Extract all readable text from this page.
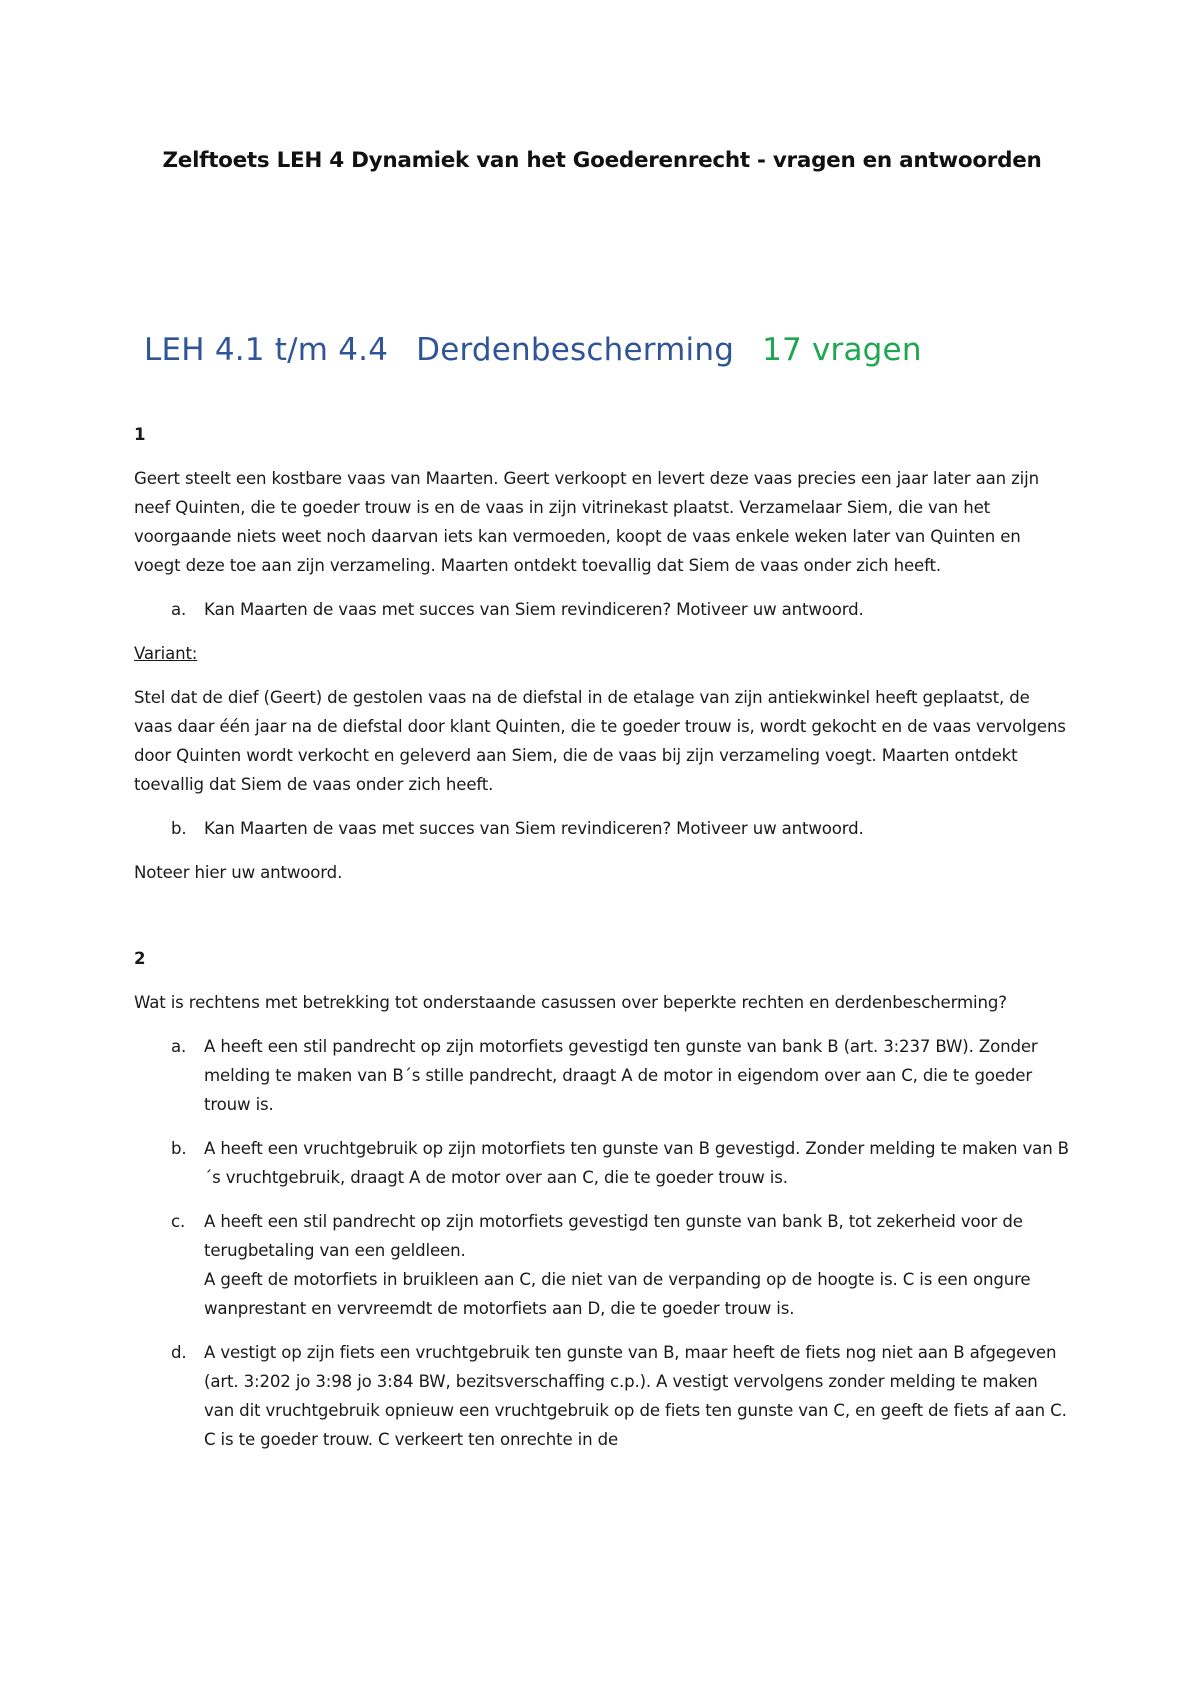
Zelftoets LEH 4 Dynamiek van het Goederenrecht - vragen en antwoorden
LEH 4.1 t/m 4.4 Derdenbescherming 17 vragen

1

Geert steelt een kostbare vaas van Maarten. Geert verkoopt en levert deze vaas precies een jaar later aan zijn neef Quinten, die te goeder trouw is en de vaas in zijn vitrinekast plaatst. Verzamelaar Siem, die van het voorgaande niets weet noch daarvan iets kan vermoeden, koopt de vaas enkele weken later van Quinten en voegt deze toe aan zijn verzameling. Maarten ontdekt toevallig dat Siem de vaas onder zich heeft.

a. Kan Maarten de vaas met succes van Siem revindiceren? Motiveer uw antwoord.

Variant:

Stel dat de dief (Geert) de gestolen vaas na de diefstal in de etalage van zijn antiekwinkel heeft geplaatst, de vaas daar één jaar na de diefstal door klant Quinten, die te goeder trouw is, wordt gekocht en de vaas vervolgens door Quinten wordt verkocht en geleverd aan Siem, die de vaas bij zijn verzameling voegt. Maarten ontdekt toevallig dat Siem de vaas onder zich heeft.

b. Kan Maarten de vaas met succes van Siem revindiceren? Motiveer uw antwoord.

Noteer hier uw antwoord.

2

Wat is rechtens met betrekking tot onderstaande casussen over beperkte rechten en derdenbescherming?

a. A heeft een stil pandrecht op zijn motorfiets gevestigd ten gunste van bank B (art. 3:237 BW). Zonder melding te maken van B´s stille pandrecht, draagt A de motor in eigendom over aan C, die te goeder trouw is.
b. A heeft een vruchtgebruik op zijn motorfiets ten gunste van B gevestigd. Zonder melding te maken van B´s vruchtgebruik, draagt A de motor over aan C, die te goeder trouw is.
c. A heeft een stil pandrecht op zijn motorfiets gevestigd ten gunste van bank B, tot zekerheid voor de terugbetaling van een geldleen.
A geeft de motorfiets in bruikleen aan C, die niet van de verpanding op de hoogte is. C is een ongure wanprestant en vervreemdt de motorfiets aan D, die te goeder trouw is.
d. A vestigt op zijn fiets een vruchtgebruik ten gunste van B, maar heeft de fiets nog niet aan B afgegeven (art. 3:202 jo 3:98 jo 3:84 BW, bezitsverschaffing c.p.). A vestigt vervolgens zonder melding te maken van dit vruchtgebruik opnieuw een vruchtgebruik op de fiets ten gunste van C, en geeft de fiets af aan C. C is te goeder trouw. C verkeert ten onrechte in de
